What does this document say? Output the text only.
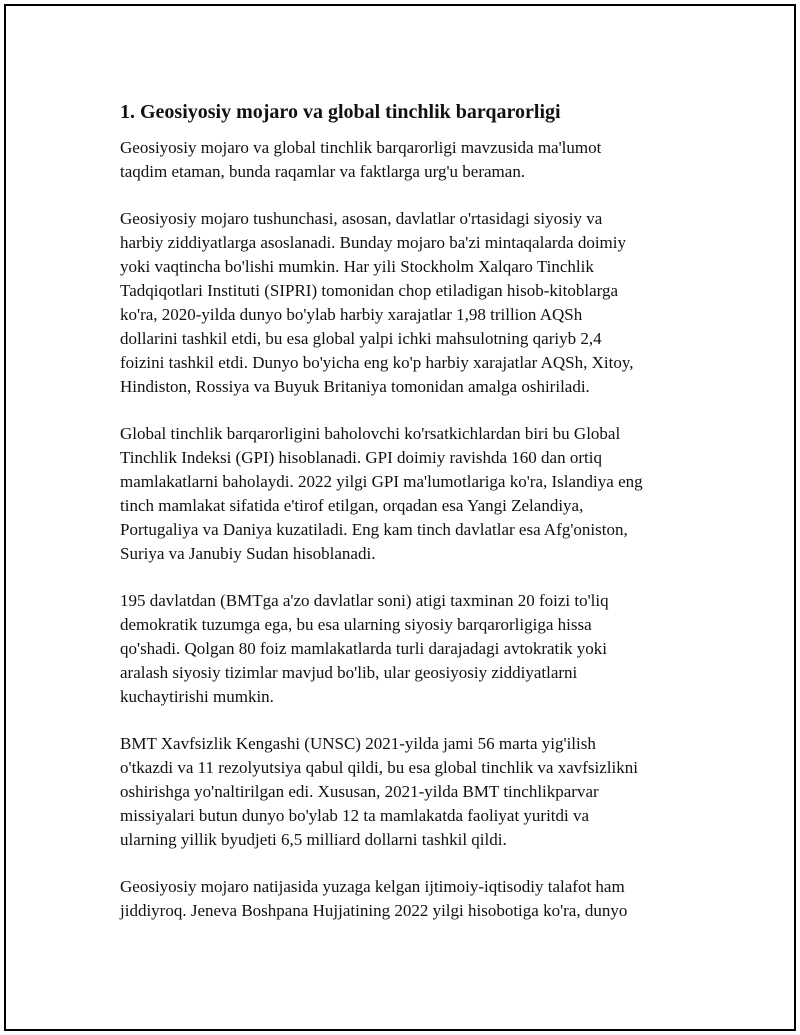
1. Geosiyosiy mojaro va global tinchlik barqarorligi

Geosiyosiy mojaro va global tinchlik barqarorligi mavzusida ma'lumot
taqdim etaman, bunda raqamlar va faktlarga urg'u beraman.

Geosiyosiy mojaro tushunchasi, asosan, davlatlar o'rtasidagi siyosiy va
harbiy ziddiyatlarga asoslanadi. Bunday mojaro ba'zi mintaqalarda doimiy
yoki vaqtincha bo'lishi mumkin. Har yili Stockholm Xalqaro Tinchlik
Tadqiqotlari Instituti (SIPRI) tomonidan chop etiladigan hisob-kitoblarga
ko'ra, 2020-yilda dunyo bo'ylab harbiy xarajatlar 1,98 trillion AQSh
dollarini tashkil etdi, bu esa global yalpi ichki mahsulotning qariyb 2,4
foizini tashkil etdi. Dunyo bo'yicha eng ko'p harbiy xarajatlar AQSh, Xitoy,
Hindiston, Rossiya va Buyuk Britaniya tomonidan amalga oshiriladi.

Global tinchlik barqarorligini baholovchi ko'rsatkichlardan biri bu Global
Tinchlik Indeksi (GPI) hisoblanadi. GPI doimiy ravishda 160 dan ortiq
mamlakatlarni baholaydi. 2022 yilgi GPI ma'lumotlariga ko'ra, Islandiya eng
tinch mamlakat sifatida e'tirof etilgan, orqadan esa Yangi Zelandiya,
Portugaliya va Daniya kuzatiladi. Eng kam tinch davlatlar esa Afg'oniston,
Suriya va Janubiy Sudan hisoblanadi.

195 davlatdan (BMTga a'zo davlatlar soni) atigi taxminan 20 foizi to'liq
demokratik tuzumga ega, bu esa ularning siyosiy barqarorligiga hissa
qo'shadi. Qolgan 80 foiz mamlakatlarda turli darajadagi avtokratik yoki
aralash siyosiy tizimlar mavjud bo'lib, ular geosiyosiy ziddiyatlarni
kuchaytirishi mumkin.

BMT Xavfsizlik Kengashi (UNSC) 2021-yilda jami 56 marta yig'ilish
o'tkazdi va 11 rezolyutsiya qabul qildi, bu esa global tinchlik va xavfsizlikni
oshirishga yo'naltirilgan edi. Xususan, 2021-yilda BMT tinchlikparvar
missiyalari butun dunyo bo'ylab 12 ta mamlakatda faoliyat yuritdi va
ularning yillik byudjeti 6,5 milliard dollarni tashkil qildi.

Geosiyosiy mojaro natijasida yuzaga kelgan ijtimoiy-iqtisodiy talafot ham
jiddiyroq. Jeneva Boshpana Hujjatining 2022 yilgi hisobotiga ko'ra, dunyo
